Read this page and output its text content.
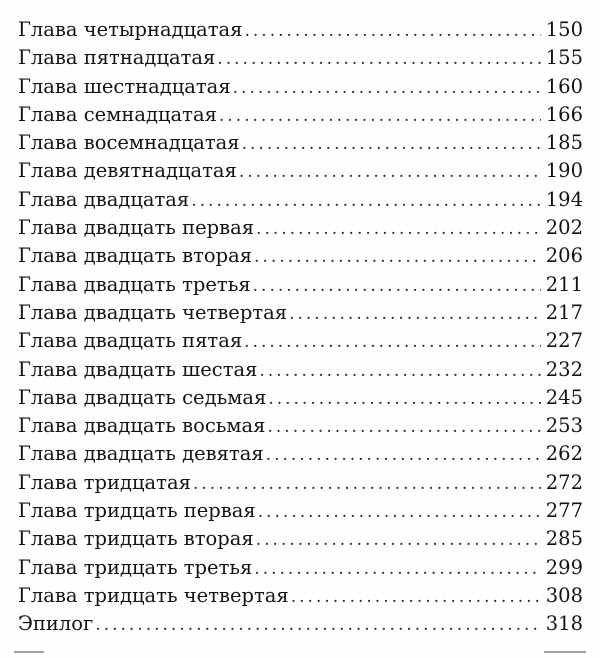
Глава четырнадцатая . . .	150
Глава пятнадцатая . . .	155
Глава шестнадцатая . . .	160
Глава семнадцатая . . .	166
Глава восемнадцатая . . .	185
Глава девятнадцатая . . .	190
Глава двадцатая . . .	194
Глава двадцать первая . . .	202
Глава двадцать вторая . . .	206
Глава двадцать третья . . .	211
Глава двадцать четвертая . . .	217
Глава двадцать пятая . . .	227
Глава двадцать шестая . . .	232
Глава двадцать седьмая . . .	245
Глава двадцать восьмая . . .	253
Глава двадцать девятая . . .	262
Глава тридцатая . . .	272
Глава тридцать первая . . .	277
Глава тридцать вторая . . .	285
Глава тридцать третья . . .	299
Глава тридцать четвертая . . .	308
Эпилог . . .	318
